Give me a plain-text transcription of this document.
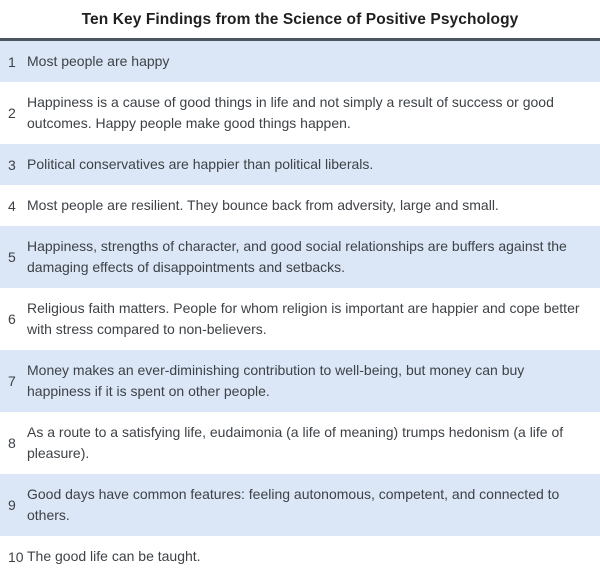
Ten Key Findings from the Science of Positive Psychology
1 Most people are happy
2
Happiness is a cause of good things in life and not simply a result of success or good outcomes. Happy people make good things happen.
3 Political conservatives are happier than political liberals.
4 Most people are resilient. They bounce back from adversity, large and small.
5
Happiness, strengths of character, and good social relationships are buffers against the damaging effects of disappointments and setbacks.
6
Religious faith matters. People for whom religion is important are happier and cope better with stress compared to non-believers.
7
Money makes an ever-diminishing contribution to well-being, but money can buy happiness if it is spent on other people.
8
As a route to a satisfying life, eudaimonia (a life of meaning) trumps hedonism (a life of pleasure).
9
Good days have common features: feeling autonomous, competent, and connected to others.
10 The good life can be taught.
